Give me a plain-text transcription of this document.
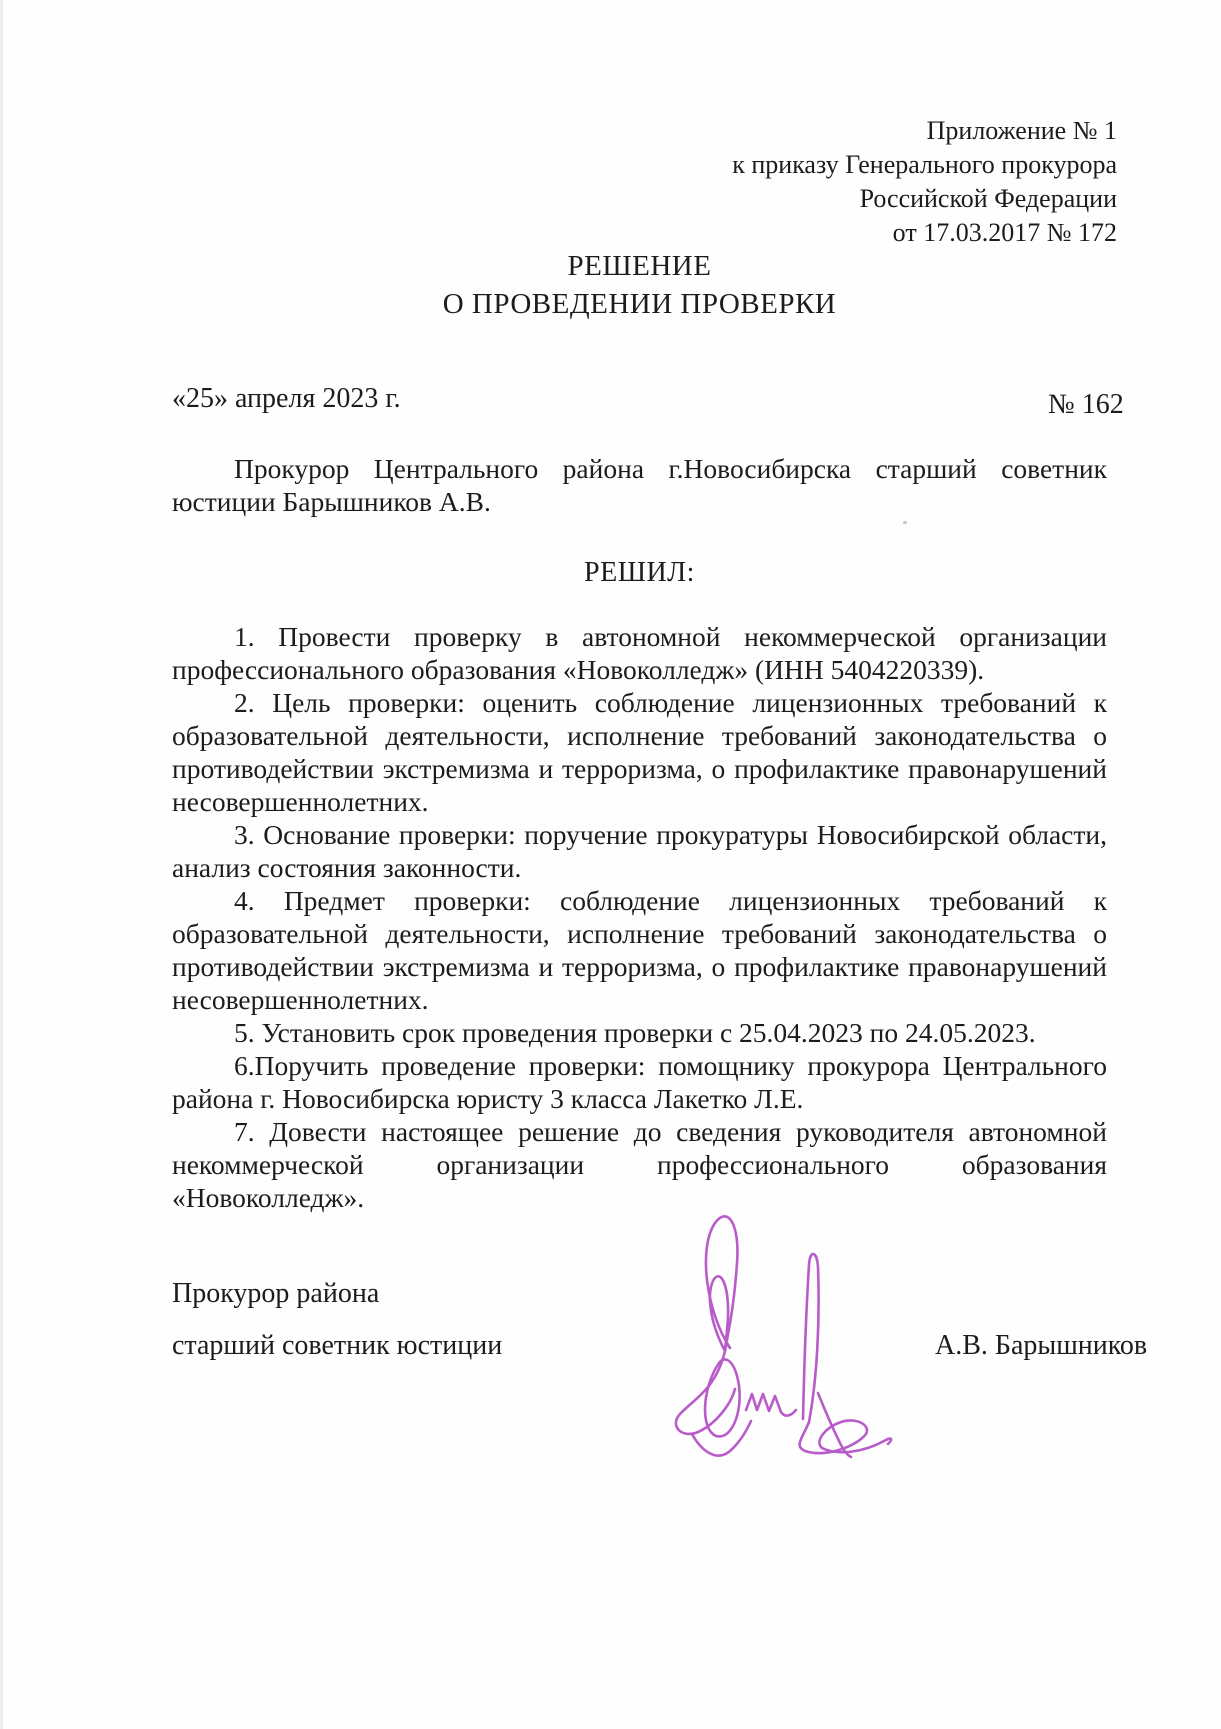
Приложение № 1
к приказу Генерального прокурора
Российской Федерации
от 17.03.2017 № 172
РЕШЕНИЕ
О ПРОВЕДЕНИИ ПРОВЕРКИ
«25» апреля 2023 г.	№ 162

Прокурор Центрального района г.Новосибирска старший советник юстиции Барышников А.В.

РЕШИЛ:

1. Провести проверку в автономной некоммерческой организации профессионального образования «Новоколледж» (ИНН 5404220339).

2. Цель проверки: оценить соблюдение лицензионных требований к образовательной деятельности, исполнение требований законодательства о противодействии экстремизма и терроризма, о профилактике правонарушений несовершеннолетних.

3. Основание проверки: поручение прокуратуры Новосибирской области, анализ состояния законности.

4. Предмет проверки: соблюдение лицензионных требований к образовательной деятельности, исполнение требований законодательства о противодействии экстремизма и терроризма, о профилактике правонарушений несовершеннолетних.

5. Установить срок проведения проверки с 25.04.2023 по 24.05.2023.

6.Поручить проведение проверки: помощнику прокурора Центрального района г. Новосибирска юристу 3 класса Лакетко Л.Е.

7. Довести настоящее решение до сведения руководителя автономной некоммерческой организации профессионального образования «Новоколледж».

Прокурор района
старший советник юстиции	А.В. Барышников
